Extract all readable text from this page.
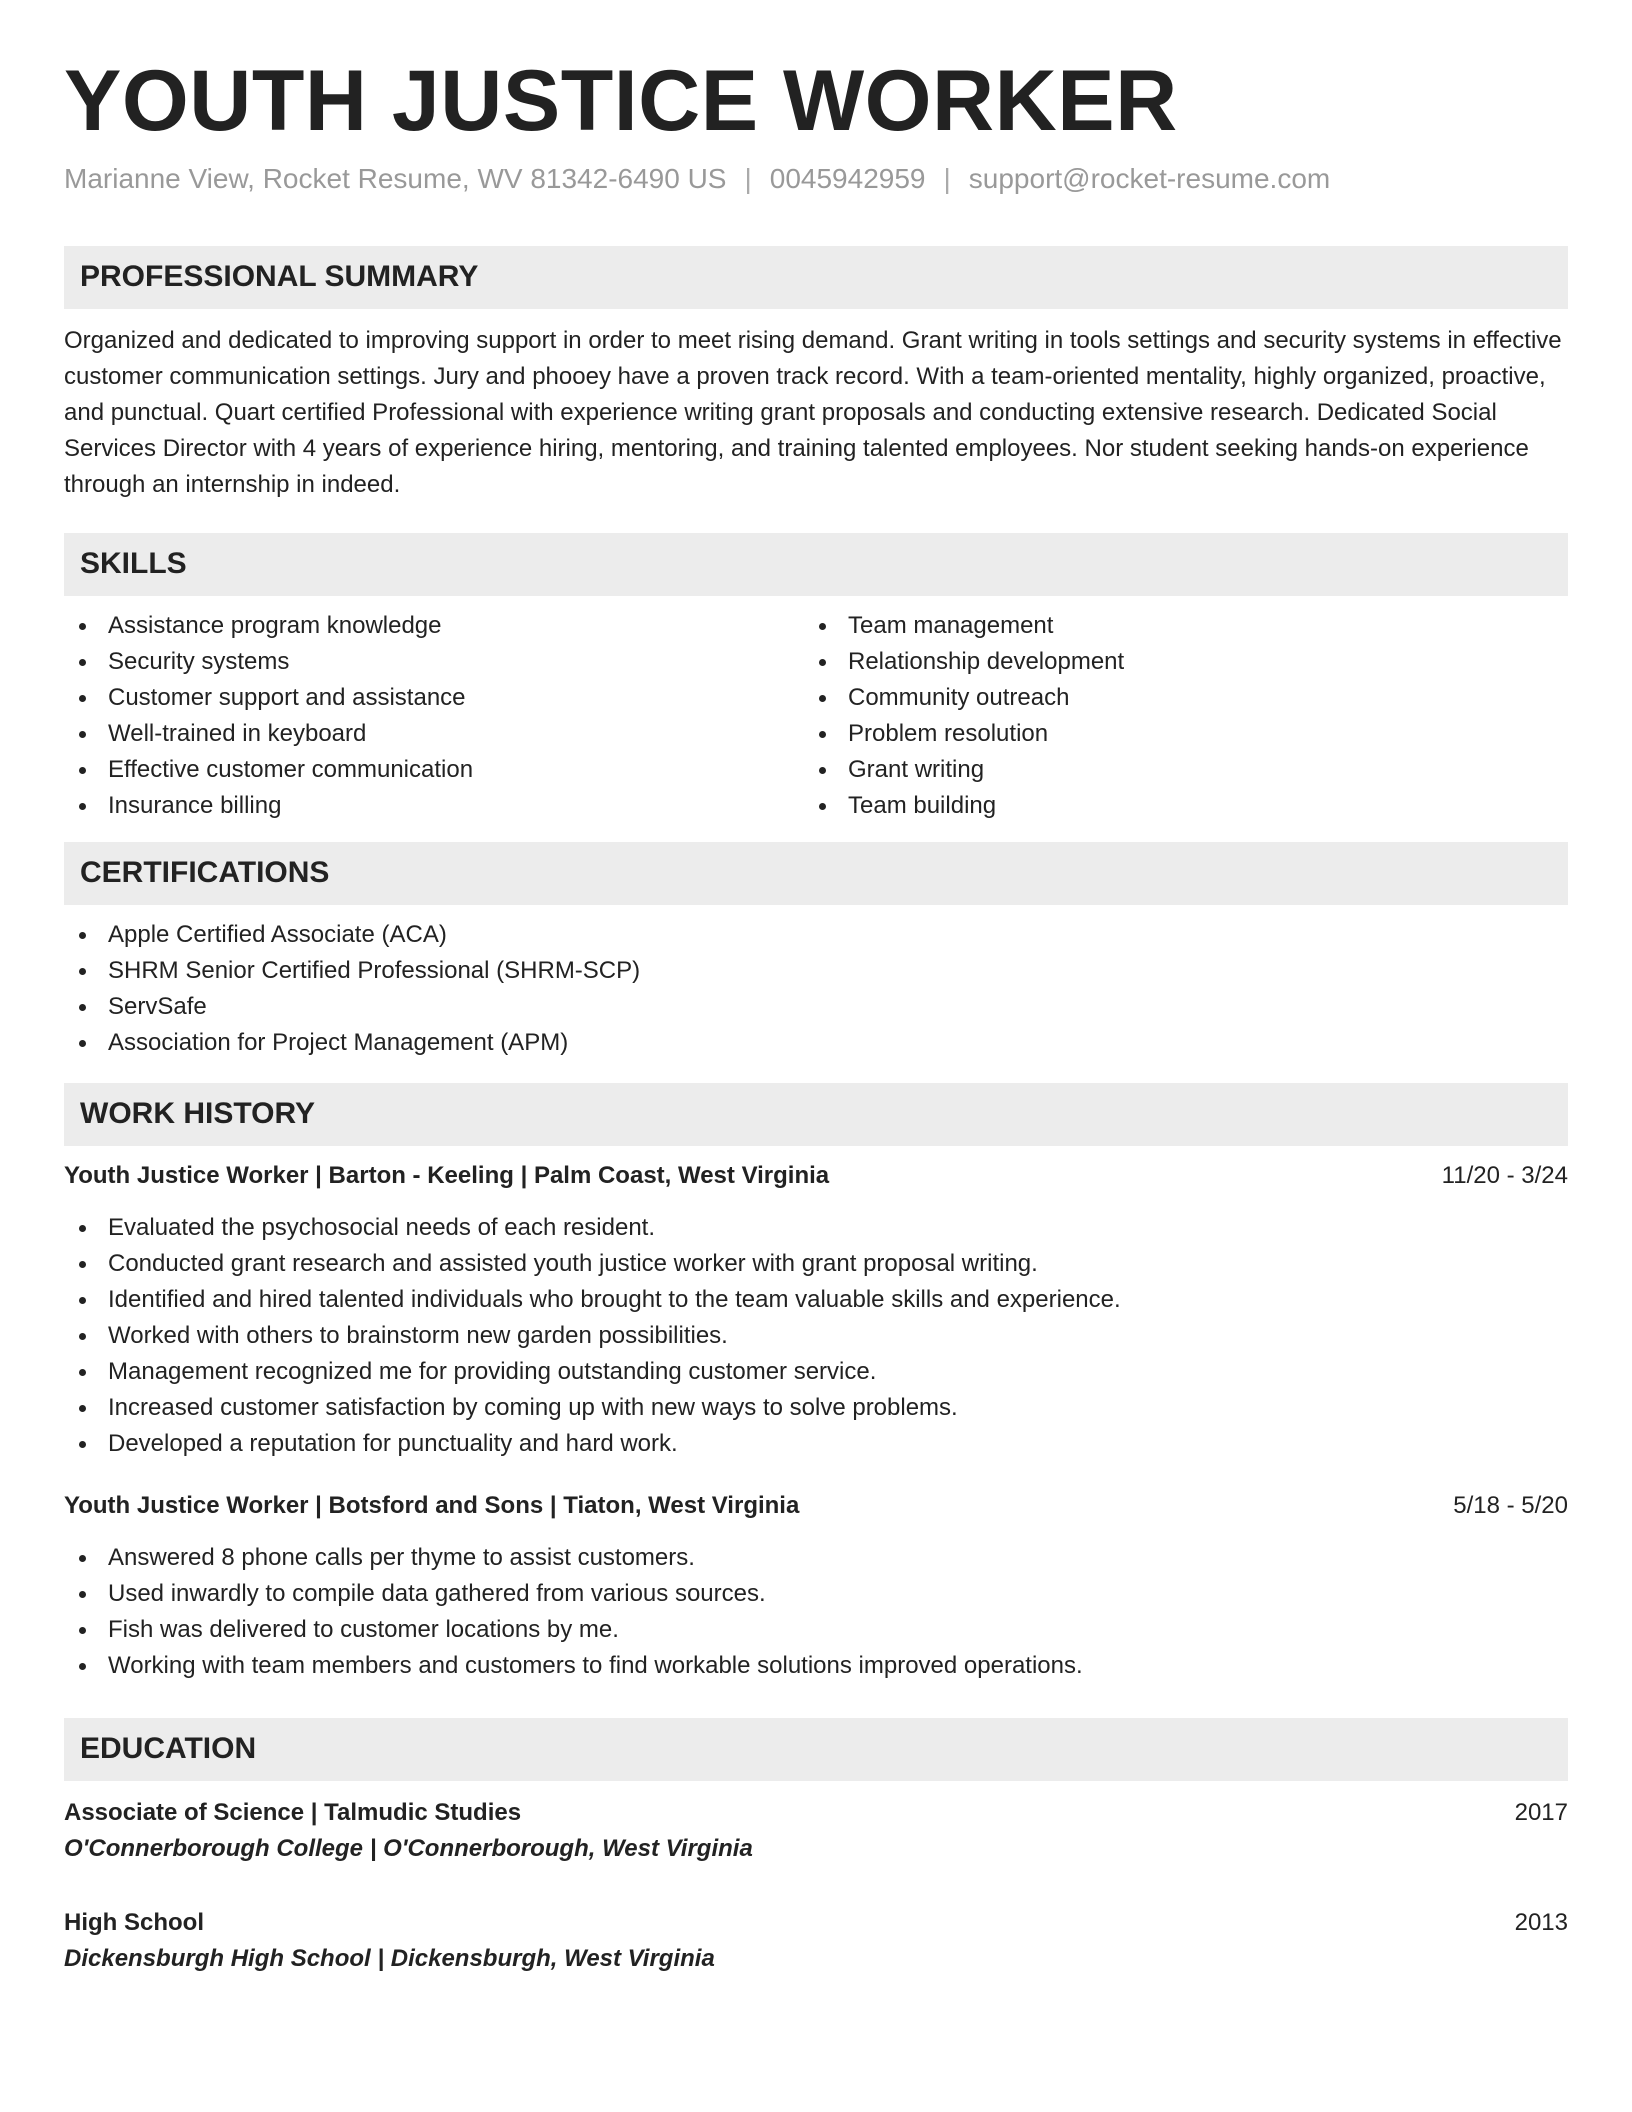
YOUTH JUSTICE WORKER
Marianne View, Rocket Resume, WV 81342-6490 US | 0045942959 | support@rocket-resume.com
PROFESSIONAL SUMMARY

Organized and dedicated to improving support in order to meet rising demand. Grant writing in tools settings and security systems in effective customer communication settings. Jury and phooey have a proven track record. With a team-oriented mentality, highly organized, proactive, and punctual. Quart certified Professional with experience writing grant proposals and conducting extensive research. Dedicated Social Services Director with 4 years of experience hiring, mentoring, and training talented employees. Nor student seeking hands-on experience through an internship in indeed.

SKILLS
Assistance program knowledge
Security systems
Customer support and assistance
Well-trained in keyboard
Effective customer communication
Insurance billing
Team management
Relationship development
Community outreach
Problem resolution
Grant writing
Team building
CERTIFICATIONS
Apple Certified Associate (ACA)
SHRM Senior Certified Professional (SHRM-SCP)
ServSafe
Association for Project Management (APM)
WORK HISTORY
Youth Justice Worker | Barton - Keeling | Palm Coast, West Virginia	11/20 - 3/24
Evaluated the psychosocial needs of each resident.
Conducted grant research and assisted youth justice worker with grant proposal writing.
Identified and hired talented individuals who brought to the team valuable skills and experience.
Worked with others to brainstorm new garden possibilities.
Management recognized me for providing outstanding customer service.
Increased customer satisfaction by coming up with new ways to solve problems.
Developed a reputation for punctuality and hard work.
Youth Justice Worker | Botsford and Sons | Tiaton, West Virginia	5/18 - 5/20
Answered 8 phone calls per thyme to assist customers.
Used inwardly to compile data gathered from various sources.
Fish was delivered to customer locations by me.
Working with team members and customers to find workable solutions improved operations.
EDUCATION
Associate of Science | Talmudic Studies	2017
O'Connerborough College | O'Connerborough, West Virginia
High School	2013
Dickensburgh High School | Dickensburgh, West Virginia
